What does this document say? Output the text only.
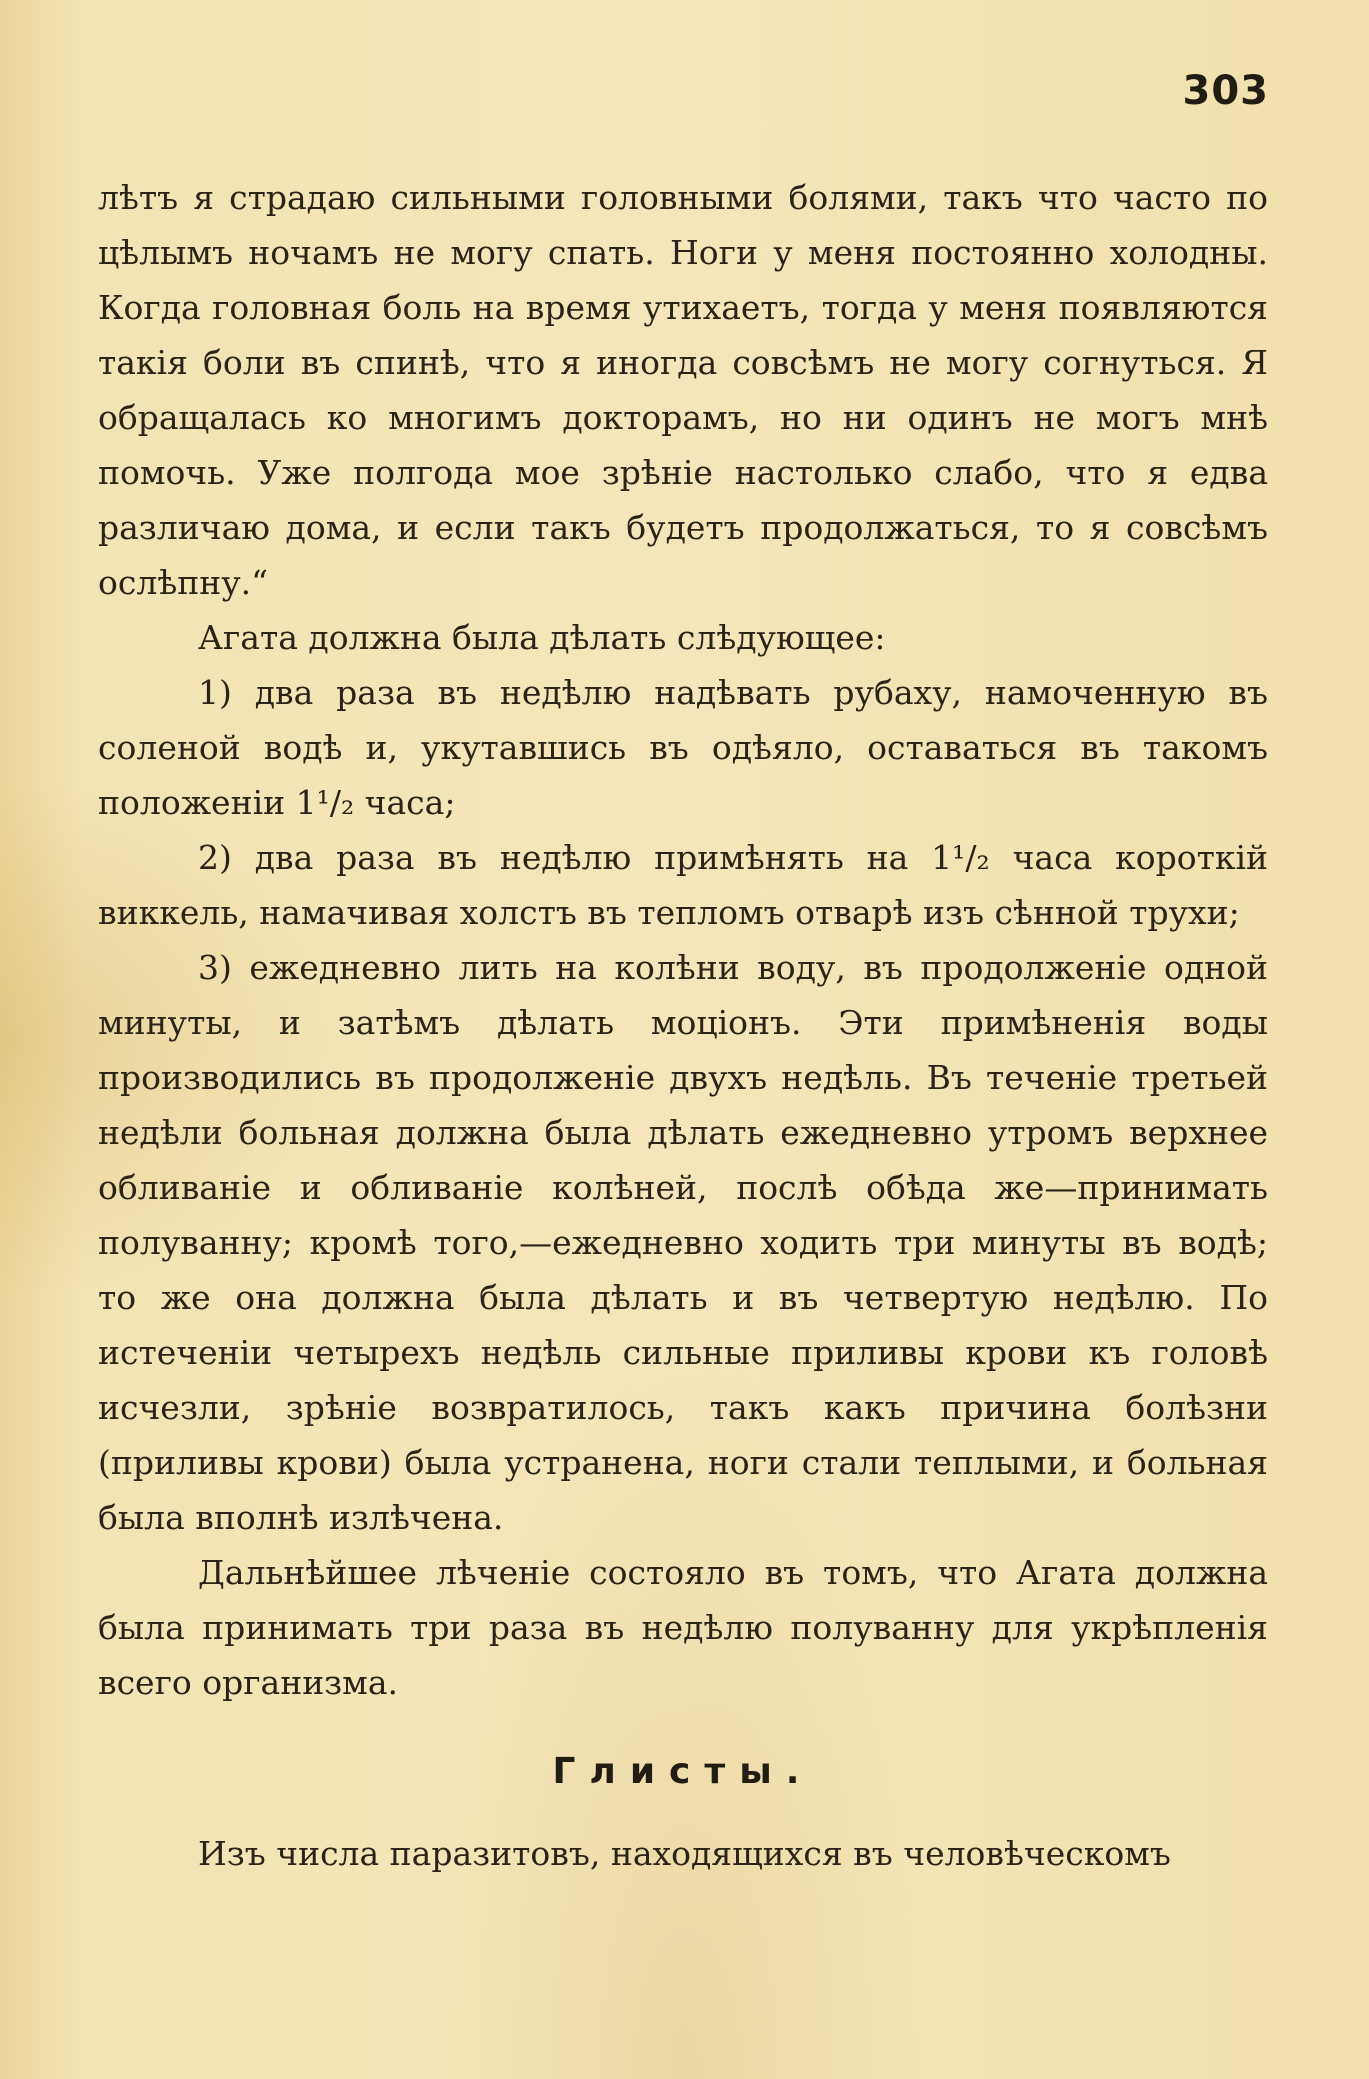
303

лѣтъ я страдаю сильными головными болями, такъ что часто по цѣлымъ ночамъ не могу спать. Ноги у меня постоянно холодны. Когда головная боль на время утихаетъ, тогда у меня появляются такія боли въ спинѣ, что я иногда совсѣмъ не могу согнуться. Я обращалась ко многимъ докторамъ, но ни одинъ не могъ мнѣ помочь. Уже полгода мое зрѣніе настолько слабо, что я едва различаю дома, и если такъ будетъ продолжаться, то я совсѣмъ ослѣпну.“

Агата должна была дѣлать слѣдующее:

1) два раза въ недѣлю надѣвать рубаху, намоченную въ соленой водѣ и, укутавшись въ одѣяло, оставаться въ такомъ положеніи 1¹/₂ часа;

2) два раза въ недѣлю примѣнять на 1¹/₂ часа короткій виккель, намачивая холстъ въ тепломъ отварѣ изъ сѣнной трухи;

3) ежедневно лить на колѣни воду, въ продолженіе одной минуты, и затѣмъ дѣлать моціонъ. Эти примѣненія воды производились въ продолженіе двухъ недѣль. Въ теченіе третьей недѣли больная должна была дѣлать ежедневно утромъ верхнее обливаніе и обливаніе колѣней, послѣ обѣда же—принимать полуванну; кромѣ того,—ежедневно ходить три минуты въ водѣ; то же она должна была дѣлать и въ четвертую недѣлю. По истеченіи четырехъ недѣль сильные приливы крови къ головѣ исчезли, зрѣніе возвратилось, такъ какъ причина болѣзни (приливы крови) была устранена, ноги стали теплыми, и больная была вполнѣ излѣчена.

Дальнѣйшее лѣченіе состояло въ томъ, что Агата должна была принимать три раза въ недѣлю полуванну для укрѣпленія всего организма.

Глисты.

Изъ числа паразитовъ, находящихся въ человѣческомъ
